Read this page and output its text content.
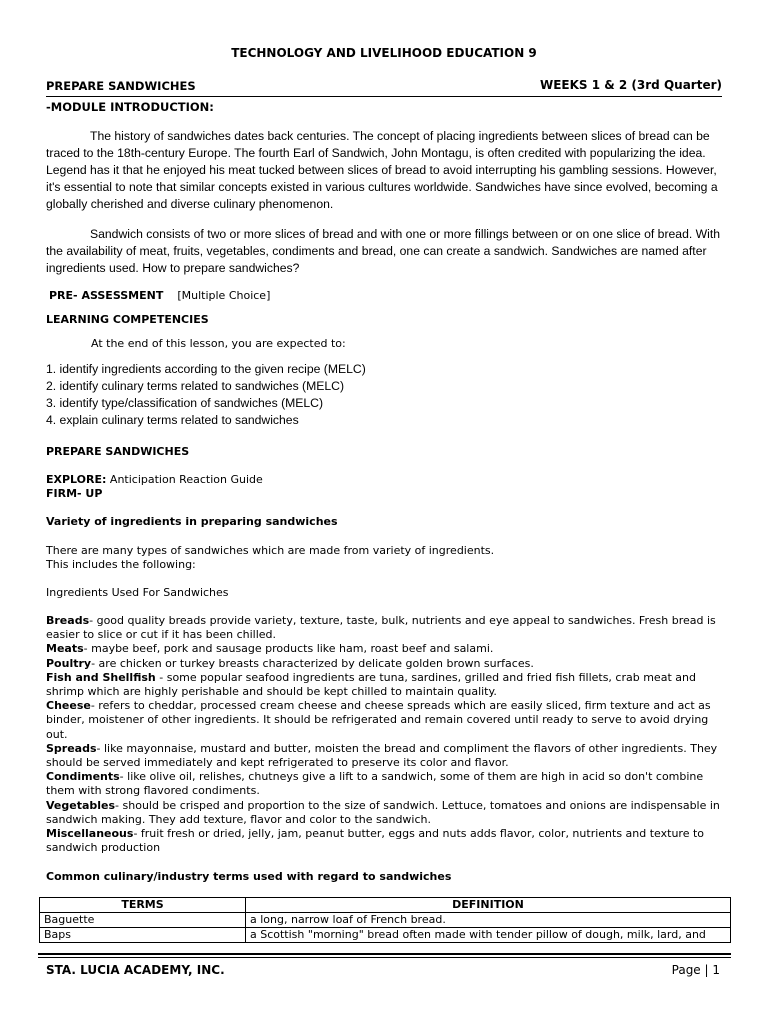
TECHNOLOGY AND LIVELIHOOD EDUCATION 9
PREPARE SANDWICHES	WEEKS 1 & 2 (3rd Quarter)
-MODULE INTRODUCTION:
The history of sandwiches dates back centuries. The concept of placing ingredients between slices of bread can be traced to the 18th-century Europe. The fourth Earl of Sandwich, John Montagu, is often credited with popularizing the idea. Legend has it that he enjoyed his meat tucked between slices of bread to avoid interrupting his gambling sessions. However, it's essential to note that similar concepts existed in various cultures worldwide. Sandwiches have since evolved, becoming a globally cherished and diverse culinary phenomenon.
Sandwich consists of two or more slices of bread and with one or more fillings between or on one slice of bread. With the availability of meat, fruits, vegetables, condiments and bread, one can create a sandwich. Sandwiches are named after ingredients used. How to prepare sandwiches?
PRE- ASSESSMENT [Multiple Choice]
LEARNING COMPETENCIES
At the end of this lesson, you are expected to:
1. identify ingredients according to the given recipe (MELC)
2. identify culinary terms related to sandwiches (MELC)
3. identify type/classification of sandwiches (MELC)
4. explain culinary terms related to sandwiches
PREPARE SANDWICHES
EXPLORE: Anticipation Reaction Guide
FIRM- UP
Variety of ingredients in preparing sandwiches
There are many types of sandwiches which are made from variety of ingredients.
This includes the following:
Ingredients Used For Sandwiches

Breads- good quality breads provide variety, texture, taste, bulk, nutrients and eye appeal to sandwiches. Fresh bread is easier to slice or cut if it has been chilled.

Meats- maybe beef, pork and sausage products like ham, roast beef and salami.

Poultry- are chicken or turkey breasts characterized by delicate golden brown surfaces.

Fish and Shellfish - some popular seafood ingredients are tuna, sardines, grilled and fried fish fillets, crab meat and shrimp which are highly perishable and should be kept chilled to maintain quality.

Cheese- refers to cheddar, processed cream cheese and cheese spreads which are easily sliced, firm texture and act as binder, moistener of other ingredients. It should be refrigerated and remain covered until ready to serve to avoid drying out.

Spreads- like mayonnaise, mustard and butter, moisten the bread and compliment the flavors of other ingredients. They should be served immediately and kept refrigerated to preserve its color and flavor.

Condiments- like olive oil, relishes, chutneys give a lift to a sandwich, some of them are high in acid so don't combine them with strong flavored condiments.

Vegetables- should be crisped and proportion to the size of sandwich. Lettuce, tomatoes and onions are indispensable in sandwich making. They add texture, flavor and color to the sandwich.

Miscellaneous- fruit fresh or dried, jelly, jam, peanut butter, eggs and nuts adds flavor, color, nutrients and texture to sandwich production

Common culinary/industry terms used with regard to sandwiches
TERMS	DEFINITION
Baguette	a long, narrow loaf of French bread.
Baps	a Scottish "morning" bread often made with tender pillow of dough, milk, lard, and
STA. LUCIA ACADEMY, INC.	Page | 1
